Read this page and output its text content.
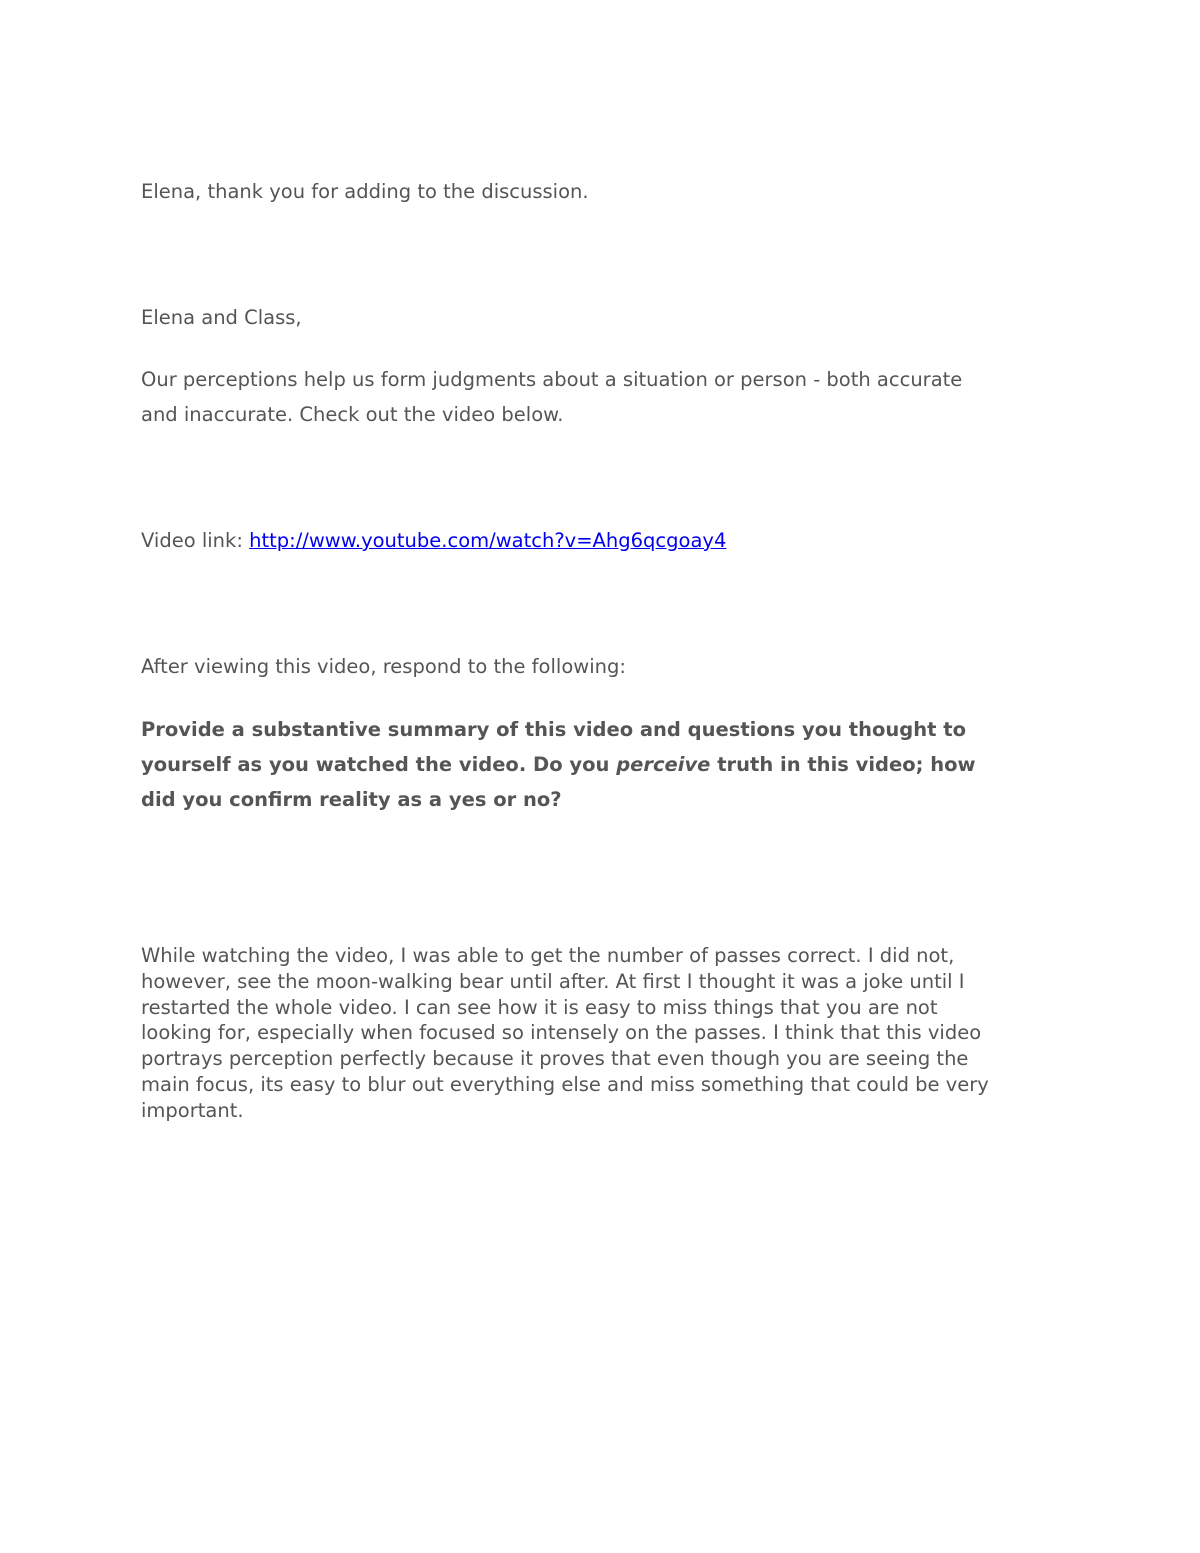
Elena, thank you for adding to the discussion.

Elena and Class,

Our perceptions help us form judgments about a situation or person - both accurate
and inaccurate. Check out the video below.

Video link: http://www.youtube.com/watch?v=Ahg6qcgoay4

After viewing this video, respond to the following:

Provide a substantive summary of this video and questions you thought to
yourself as you watched the video. Do you perceive truth in this video; how
did you confirm reality as a yes or no?
While watching the video, I was able to get the number of passes correct. I did not,
however, see the moon-walking bear until after. At first I thought it was a joke until I
restarted the whole video. I can see how it is easy to miss things that you are not
looking for, especially when focused so intensely on the passes. I think that this video
portrays perception perfectly because it proves that even though you are seeing the
main focus, its easy to blur out everything else and miss something that could be very
important.
